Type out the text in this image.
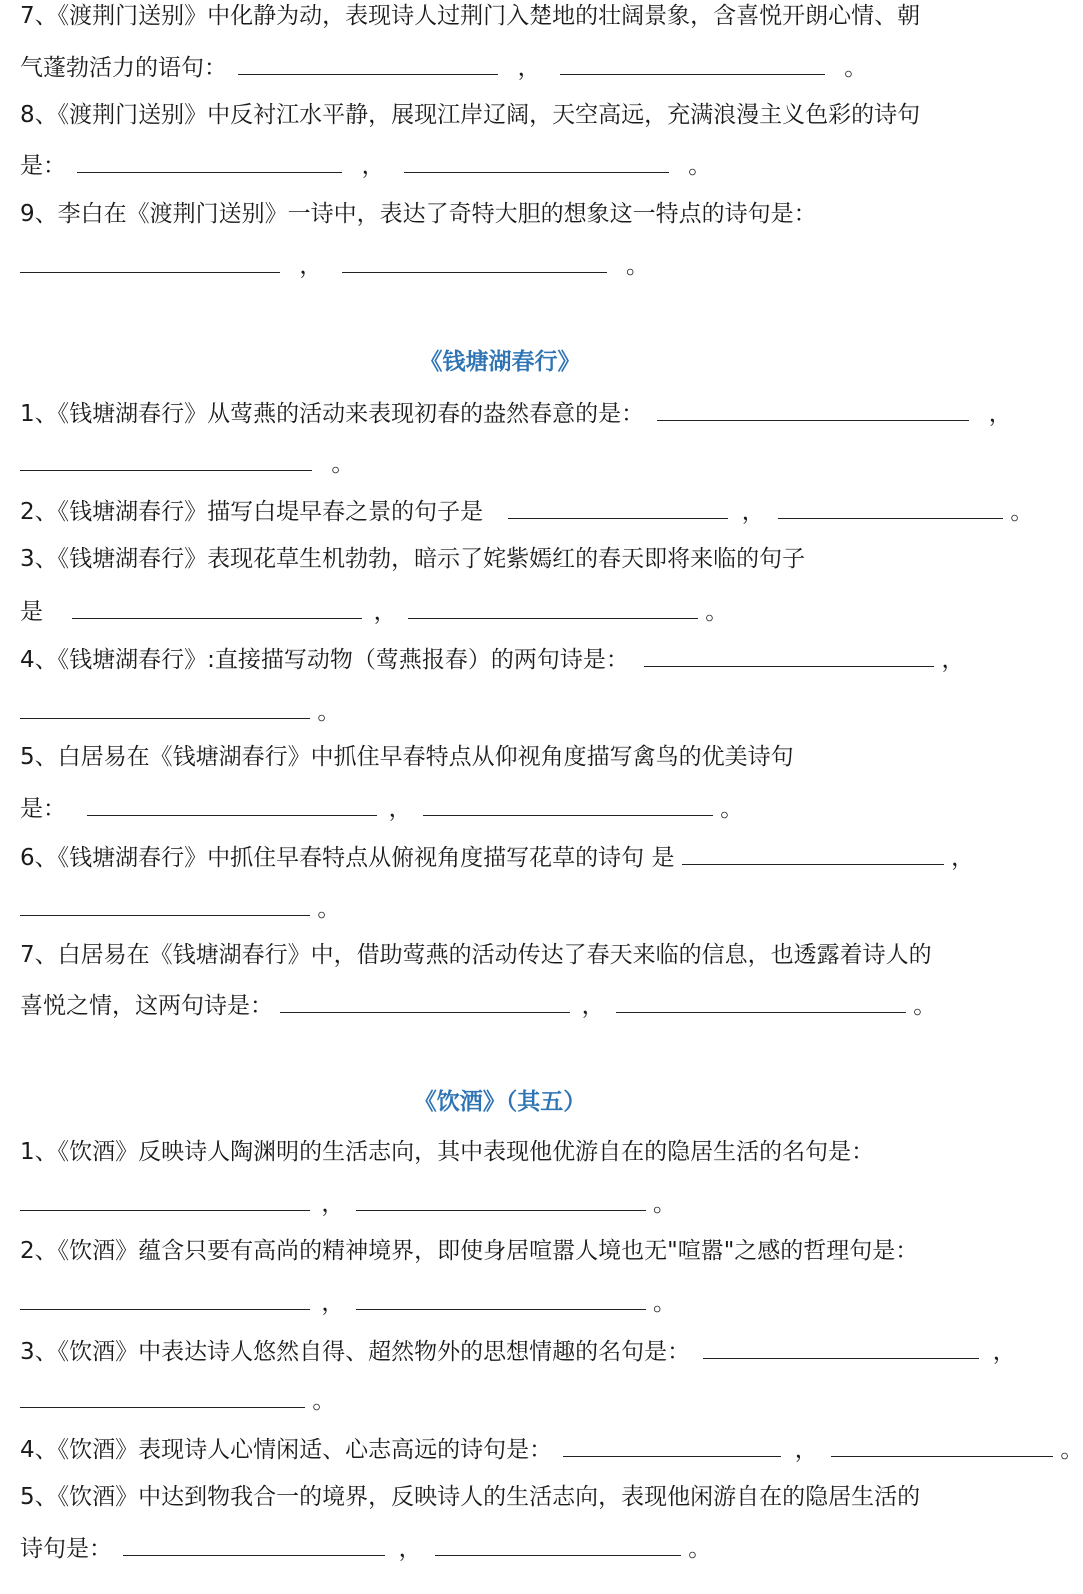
7、《渡荆门送别》中化静为动，表现诗人过荆门入楚地的壮阔景象，含喜悦开朗心情、朝
气蓬勃活力的语句：	，	。
8、《渡荆门送别》中反衬江水平静，展现江岸辽阔，天空高远，充满浪漫主义色彩的诗句
是：	，	。
9、李白在《渡荆门送别》一诗中，表达了奇特大胆的想象这一特点的诗句是：
，	。
《钱塘湖春行》
1、《钱塘湖春行》从莺燕的活动来表现初春的盎然春意的是：	，
。
2、《钱塘湖春行》描写白堤早春之景的句子是	，	。
3、《钱塘湖春行》表现花草生机勃勃，暗示了姹紫嫣红的春天即将来临的句子
是	，	。
4、《钱塘湖春行》:直接描写动物（莺燕报春）的两句诗是：	，
。
5、白居易在《钱塘湖春行》中抓住早春特点从仰视角度描写禽鸟的优美诗句
是：	，	。
6、《钱塘湖春行》中抓住早春特点从俯视角度描写花草的诗句 是	，
。
7、白居易在《钱塘湖春行》中，借助莺燕的活动传达了春天来临的信息，也透露着诗人的
喜悦之情，这两句诗是：	，	。
《饮酒》（其五）
1、《饮酒》反映诗人陶渊明的生活志向，其中表现他优游自在的隐居生活的名句是：
，	。
2、《饮酒》蕴含只要有高尚的精神境界，即使身居喧嚣人境也无"喧嚣"之感的哲理句是：
，	。
3、《饮酒》中表达诗人悠然自得、超然物外的思想情趣的名句是：	，
。
4、《饮酒》表现诗人心情闲适、心志高远的诗句是：	，	。
5、《饮酒》中达到物我合一的境界，反映诗人的生活志向，表现他闲游自在的隐居生活的
诗句是：	，	。
